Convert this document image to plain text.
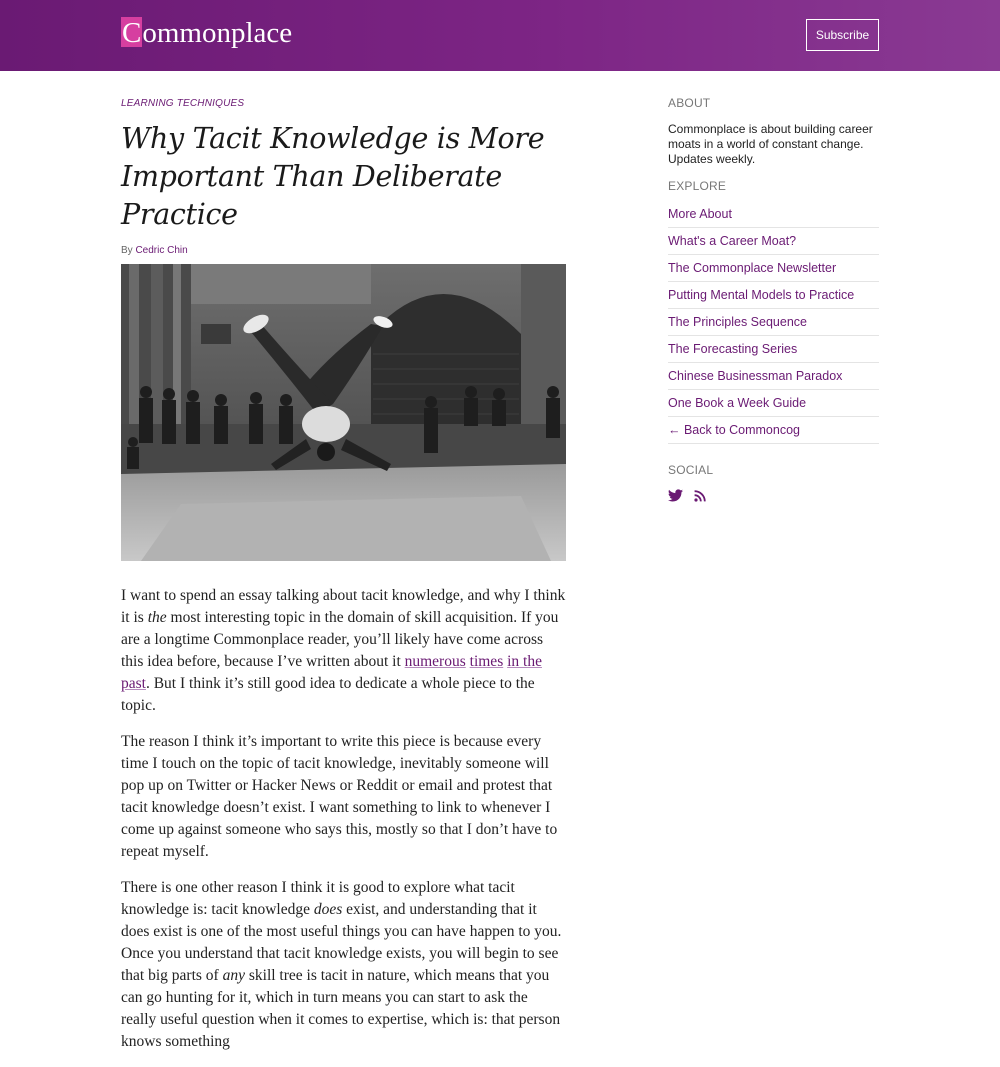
Commonplace	Subscribe
LEARNING TECHNIQUES
Why Tacit Knowledge is More Important Than Deliberate Practice
By Cedric Chin

I want to spend an essay talking about tacit knowledge, and why I think it is the most interesting topic in the domain of skill acquisition. If you are a longtime Commonplace reader, you’ll likely have come across this idea before, because I’ve written about it numerous times in the past. But I think it’s still good idea to dedicate a whole piece to the topic.

The reason I think it’s important to write this piece is because every time I touch on the topic of tacit knowledge, inevitably someone will pop up on Twitter or Hacker News or Reddit or email and protest that tacit knowledge doesn’t exist. I want something to link to whenever I come up against someone who says this, mostly so that I don’t have to repeat myself.

There is one other reason I think it is good to explore what tacit knowledge is: tacit knowledge does exist, and understanding that it does exist is one of the most useful things you can have happen to you. Once you understand that tacit knowledge exists, you will begin to see that big parts of any skill tree is tacit in nature, which means that you can go hunting for it, which in turn means you can start to ask the really useful question when it comes to expertise, which is: that person knows something

ABOUT

Commonplace is about building career moats in a world of constant change. Updates weekly.

EXPLORE
More About
What's a Career Moat?
The Commonplace Newsletter
Putting Mental Models to Practice
The Principles Sequence
The Forecasting Series
Chinese Businessman Paradox
One Book a Week Guide
← Back to Commoncog
SOCIAL
